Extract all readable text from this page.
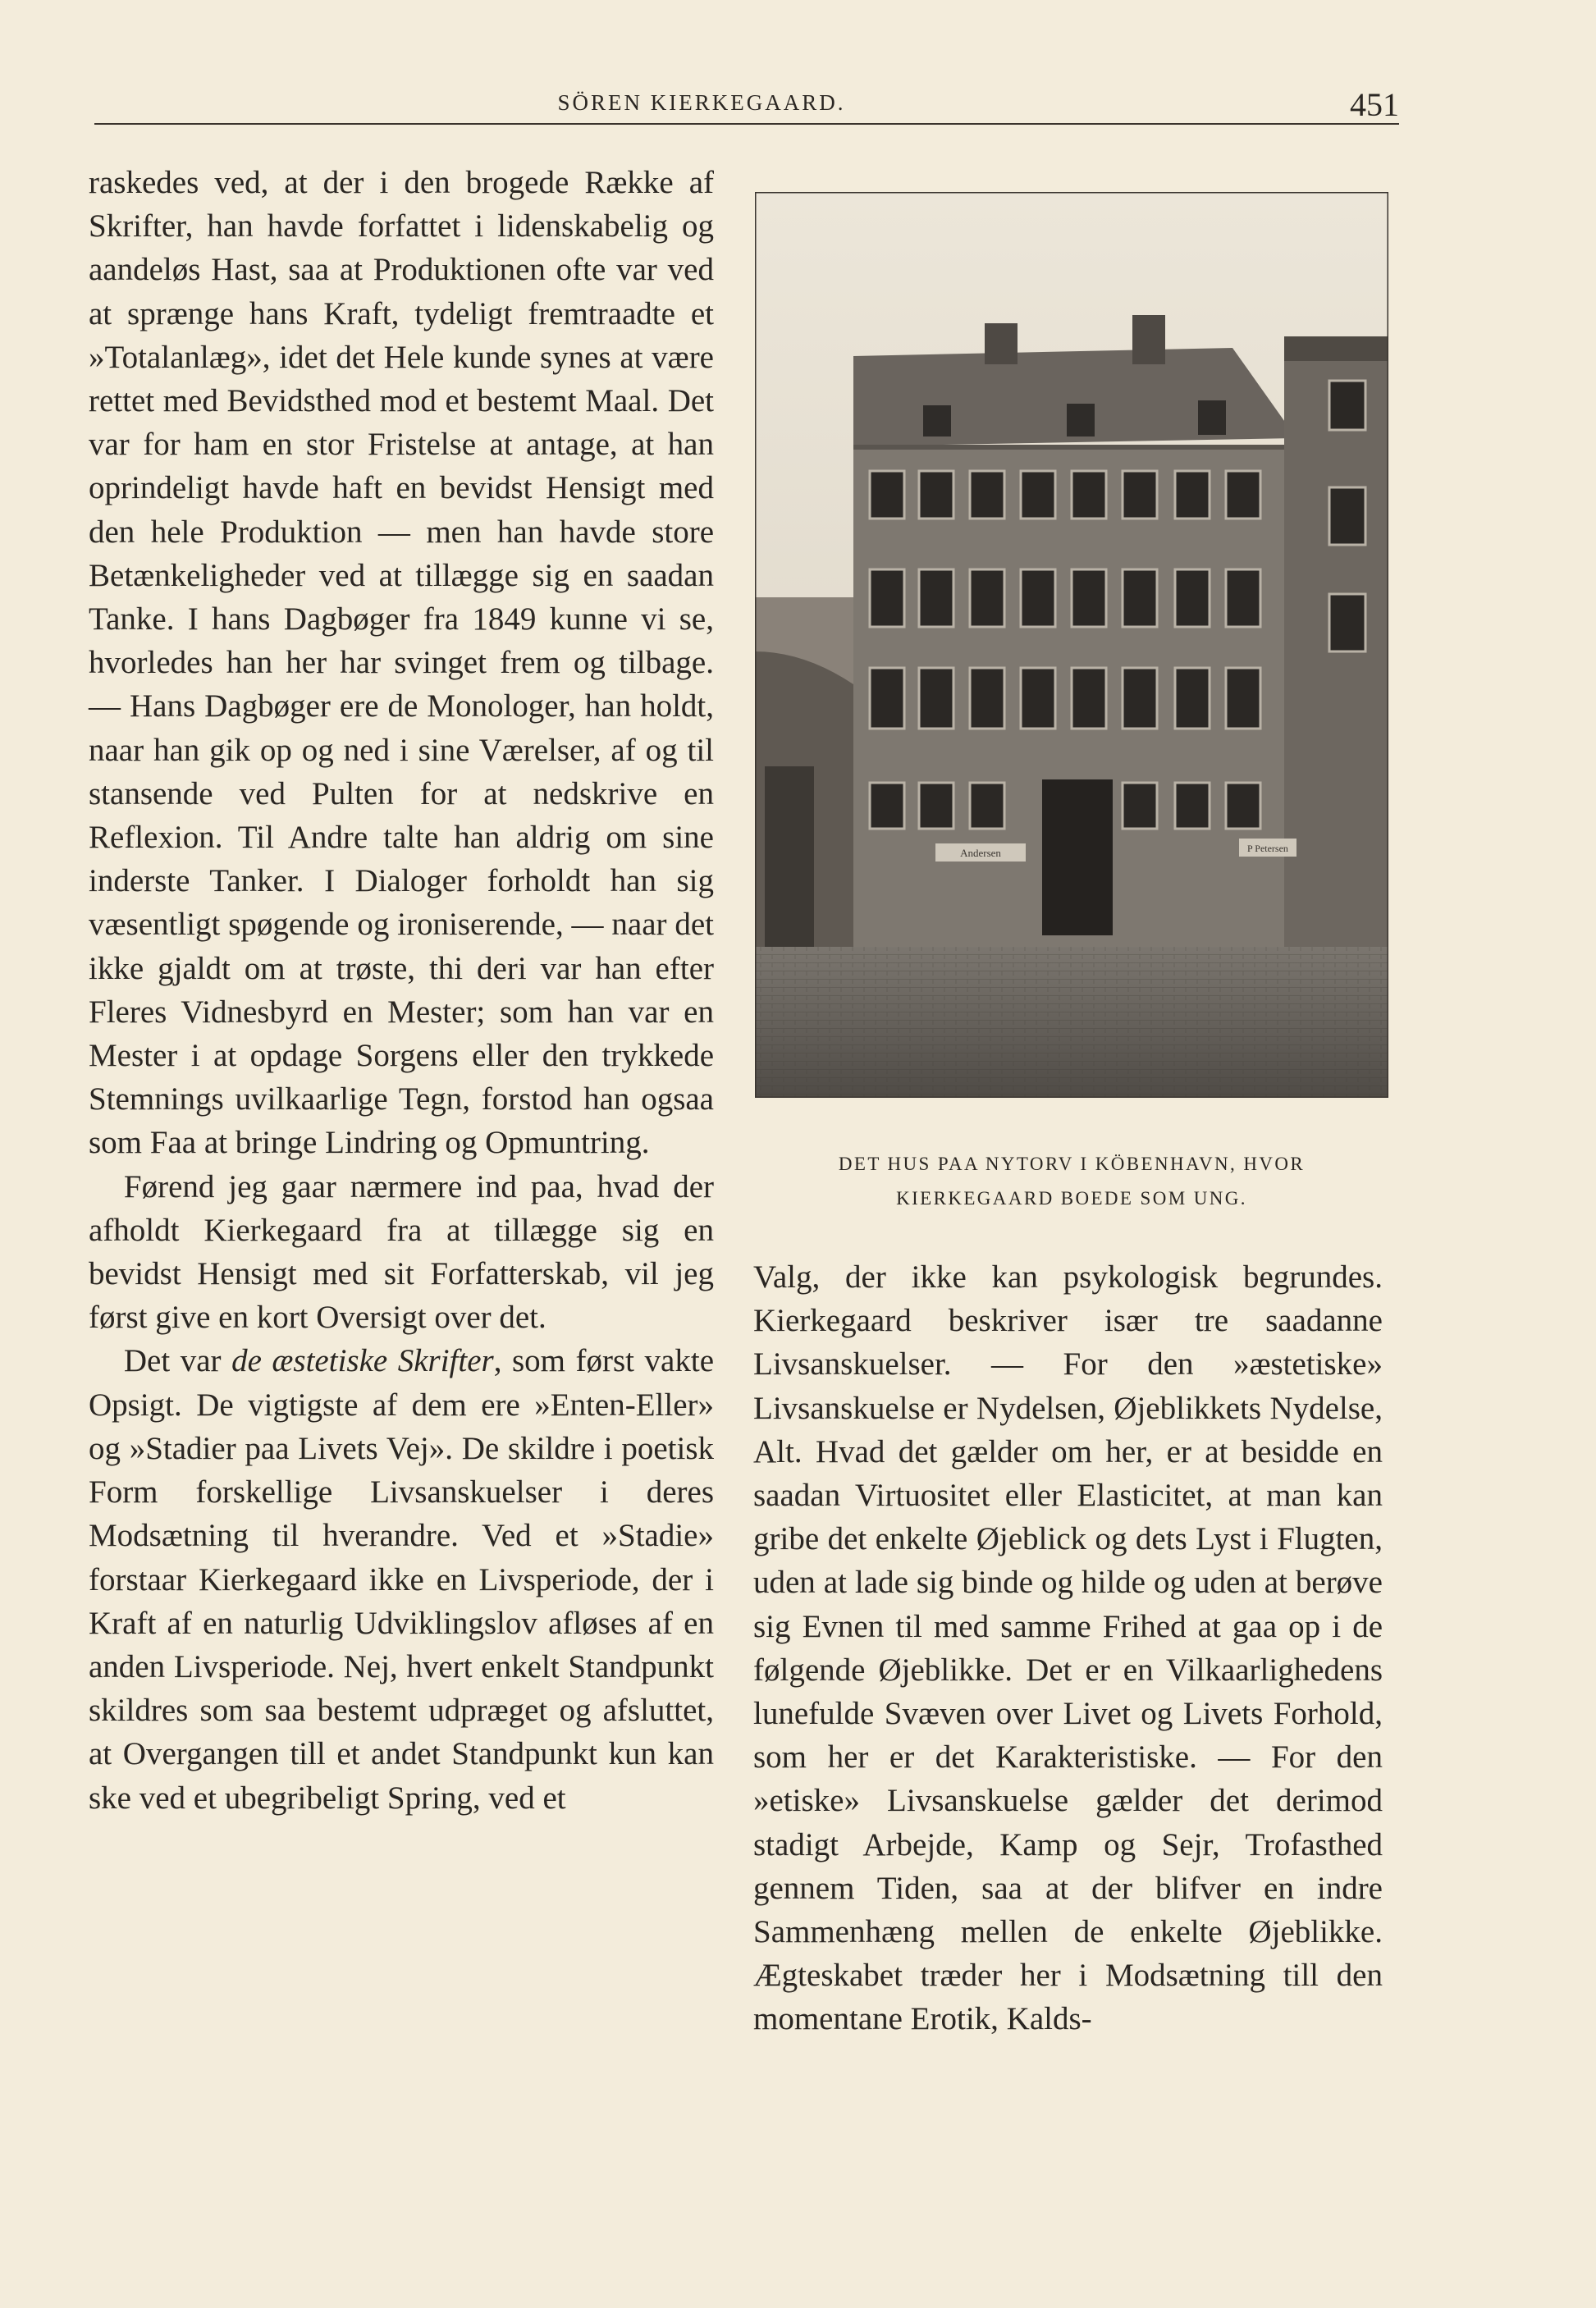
SÖREN KIERKEGAARD.	451

raskedes ved, at der i den brogede Række af Skrifter, han havde forfattet i lidenskabelig og aandeløs Hast, saa at Produktionen ofte var ved at sprænge hans Kraft, tydeligt fremtraadte et »Totalanlæg», idet det Hele kunde synes at være rettet med Bevidsthed mod et bestemt Maal. Det var for ham en stor Fristelse at antage, at han oprindeligt havde haft en bevidst Hensigt med den hele Produktion — men han havde store Betænkeligheder ved at tillægge sig en saadan Tanke. I hans Dagbøger fra 1849 kunne vi se, hvorledes han her har svinget frem og tilbage. — Hans Dagbøger ere de Monologer, han holdt, naar han gik op og ned i sine Værelser, af og til stansende ved Pulten for at nedskrive en Reflexion. Til Andre talte han aldrig om sine inderste Tanker. I Dialoger forholdt han sig væsentligt spøgende og ironiserende, — naar det ikke gjaldt om at trøste, thi deri var han efter Fleres Vidnesbyrd en Mester; som han var en Mester i at opdage Sorgens eller den trykkede Stemnings uvilkaarlige Tegn, forstod han ogsaa som Faa at bringe Lindring og Opmuntring.

Førend jeg gaar nærmere ind paa, hvad der afholdt Kierkegaard fra at tillægge sig en bevidst Hensigt med sit Forfatterskab, vil jeg først give en kort Oversigt over det.

Det var de æstetiske Skrifter, som først vakte Opsigt. De vigtigste af dem ere »Enten-Eller» og »Stadier paa Livets Vej». De skildre i poetisk Form forskellige Livsanskuelser i deres Modsætning til hverandre. Ved et »Stadie» forstaar Kierkegaard ikke en Livsperiode, der i Kraft af en naturlig Udviklingslov afløses af en anden Livsperiode. Nej, hvert enkelt Standpunkt skildres som saa bestemt udpræget og afsluttet, at Overgangen till et andet Standpunkt kun kan ske ved et ubegribeligt Spring, ved et

Andersen	P Petersen
DET HUS PAA NYTORV I KÖBENHAVN, HVOR
KIERKEGAARD BOEDE SOM UNG.

Valg, der ikke kan psykologisk begrundes. Kierkegaard beskriver især tre saadanne Livsanskuelser. — For den »æstetiske» Livsanskuelse er Nydelsen, Øjeblikkets Nydelse, Alt. Hvad det gælder om her, er at besidde en saadan Virtuositet eller Elasticitet, at man kan gribe det enkelte Øjeblick og dets Lyst i Flugten, uden at lade sig binde og hilde og uden at berøve sig Evnen til med samme Frihed at gaa op i de følgende Øjeblikke. Det er en Vilkaarlighedens lunefulde Svæven over Livet og Livets Forhold, som her er det Karakteristiske. — For den »etiske» Livsanskuelse gælder det derimod stadigt Arbejde, Kamp og Sejr, Trofasthed gennem Tiden, saa at der blifver en indre Sammenhæng mellen de enkelte Øjeblikke. Ægteskabet træder her i Modsætning till den momentane Erotik, Kalds-
